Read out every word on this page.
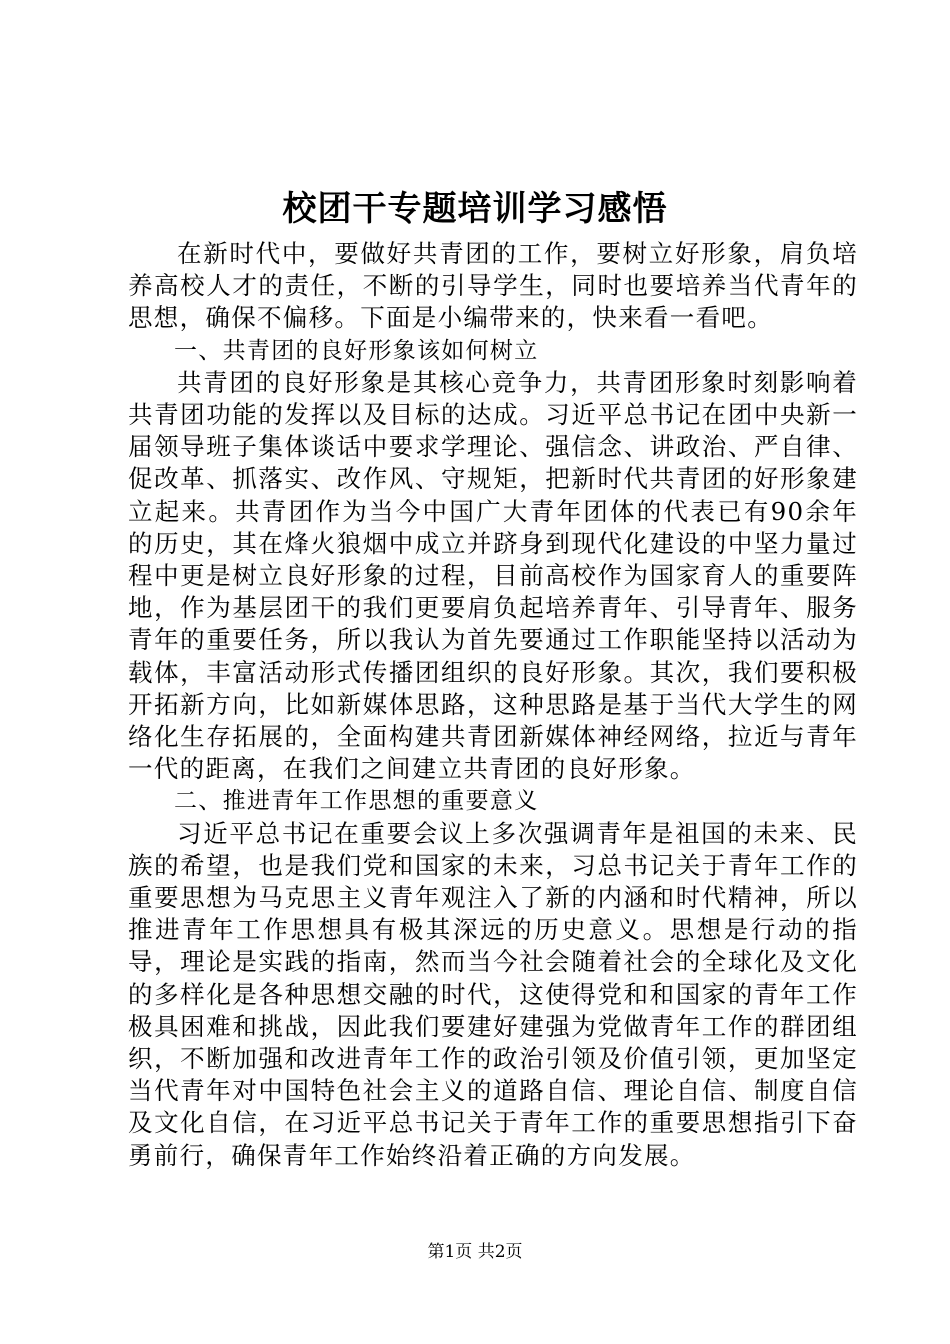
校团干专题培训学习感悟

在新时代中，要做好共青团的工作，要树立好形象，肩负培养高校人才的责任，不断的引导学生，同时也要培养当代青年的思想，确保不偏移。下面是小编带来的，快来看一看吧。

一、共青团的良好形象该如何树立

共青团的良好形象是其核心竞争力，共青团形象时刻影响着共青团功能的发挥以及目标的达成。习近平总书记在团中央新一届领导班子集体谈话中要求学理论、强信念、讲政治、严自律、促改革、抓落实、改作风、守规矩，把新时代共青团的好形象建立起来。共青团作为当今中国广大青年团体的代表已有90余年的历史，其在烽火狼烟中成立并跻身到现代化建设的中坚力量过程中更是树立良好形象的过程，目前高校作为国家育人的重要阵地，作为基层团干的我们更要肩负起培养青年、引导青年、服务青年的重要任务，所以我认为首先要通过工作职能坚持以活动为载体，丰富活动形式传播团组织的良好形象。其次，我们要积极开拓新方向，比如新媒体思路，这种思路是基于当代大学生的网络化生存拓展的，全面构建共青团新媒体神经网络，拉近与青年一代的距离，在我们之间建立共青团的良好形象。

二、推进青年工作思想的重要意义

习近平总书记在重要会议上多次强调青年是祖国的未来、民族的希望，也是我们党和国家的未来，习总书记关于青年工作的重要思想为马克思主义青年观注入了新的内涵和时代精神，所以推进青年工作思想具有极其深远的历史意义。思想是行动的指导，理论是实践的指南，然而当今社会随着社会的全球化及文化的多样化是各种思想交融的时代，这使得党和和国家的青年工作极具困难和挑战，因此我们要建好建强为党做青年工作的群团组织，不断加强和改进青年工作的政治引领及价值引领，更加坚定当代青年对中国特色社会主义的道路自信、理论自信、制度自信及文化自信，在习近平总书记关于青年工作的重要思想指引下奋勇前行，确保青年工作始终沿着正确的方向发展。

第1页 共2页
